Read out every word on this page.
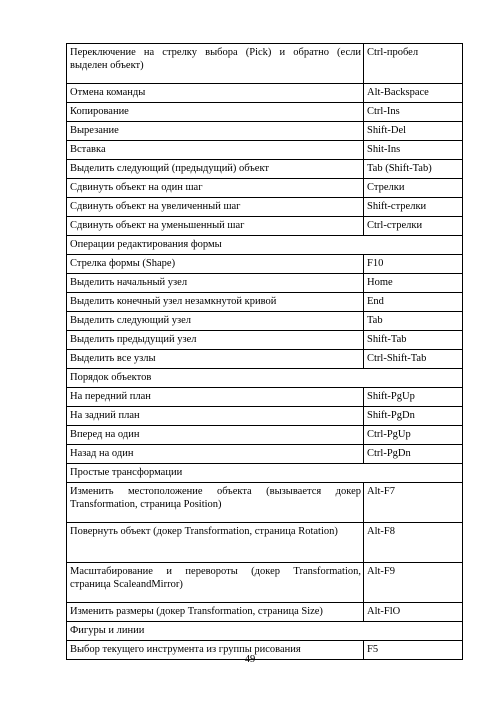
Переключение на стрелку выбора (Pick) и обратно (если выделен объект)	Ctrl-пробел
Отмена команды	Alt-Backspace
Копирование	Ctrl-Ins
Вырезание	Shift-Del
Вставка	Shit-Ins
Выделить следующий (предыдущий) объект	Tab (Shift-Tab)
Сдвинуть объект на один шаг	Стрелки
Сдвинуть объект на увеличенный шаг	Shift-стрелки
Сдвинуть объект на уменьшенный шаг	Ctrl-стрелки
Операции редактирования формы	
Стрелка формы (Shape)	F10
Выделить начальный узел	Home
Выделить конечный узел незамкнутой кривой	End
Выделить следующий узел	Tab
Выделить предыдущий узел	Shift-Tab
Выделить все узлы	Ctrl-Shift-Tab
Порядок объектов	
На передний план	Shift-PgUp
На задний план	Shift-PgDn
Вперед на один	Ctrl-PgUp
Назад на один	Ctrl-PgDn
Простые трансформации	
Изменить местоположение объекта (вызывается докер Transformation, страница Position)	Alt-F7
Повернуть объект (докер Transformation, страница Rotation)	Alt-F8
Масштабирование и перевороты (докер Transformation, страница ScaleandMirror)	Alt-F9
Изменить размеры (докер Transformation, страница Size)	Alt-FlO
Фигуры и линии	
Выбор текущего инструмента из группы рисования	F5
49
